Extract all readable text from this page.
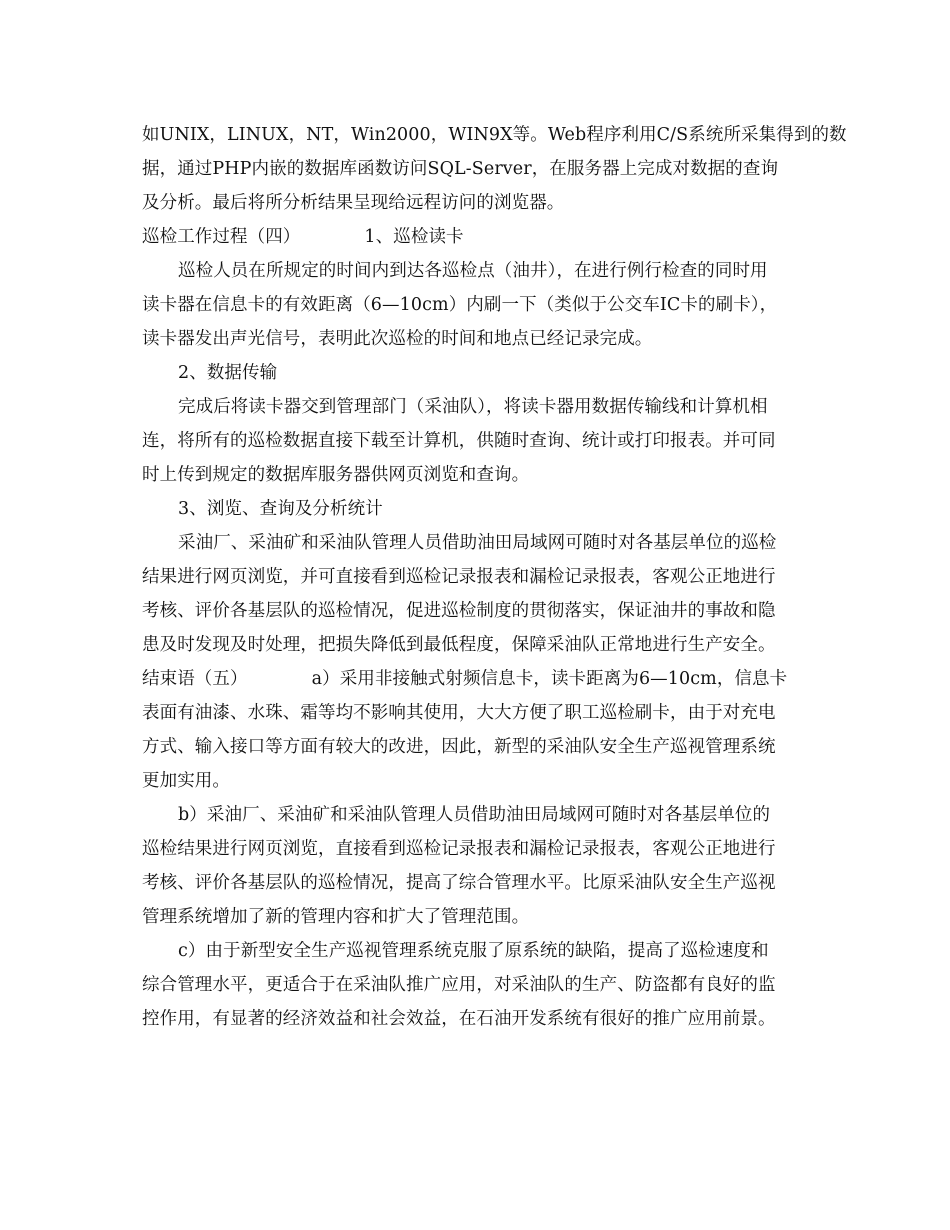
如UNIX，LINUX，NT，Win2000，WIN9X等。Web程序利用C/S系统所采集得到的数
据，通过PHP内嵌的数据库函数访问SQL-Server，在服务器上完成对数据的查询
及分析。最后将所分析结果呈现给远程访问的浏览器。
巡检工作过程（四）	1、巡检读卡
巡检人员在所规定的时间内到达各巡检点（油井），在进行例行检查的同时用
读卡器在信息卡的有效距离（6—10cm）内刷一下（类似于公交车IC卡的刷卡），
读卡器发出声光信号，表明此次巡检的时间和地点已经记录完成。
2、数据传输
完成后将读卡器交到管理部门（采油队），将读卡器用数据传输线和计算机相
连，将所有的巡检数据直接下载至计算机，供随时查询、统计或打印报表。并可同
时上传到规定的数据库服务器供网页浏览和查询。
3、浏览、查询及分析统计
采油厂、采油矿和采油队管理人员借助油田局域网可随时对各基层单位的巡检
结果进行网页浏览，并可直接看到巡检记录报表和漏检记录报表，客观公正地进行
考核、评价各基层队的巡检情况，促进巡检制度的贯彻落实，保证油井的事故和隐
患及时发现及时处理，把损失降低到最低程度，保障采油队正常地进行生产安全。
结束语（五）	a）采用非接触式射频信息卡，读卡距离为6—10cm，信息卡
表面有油漆、水珠、霜等均不影响其使用，大大方便了职工巡检刷卡，由于对充电
方式、输入接口等方面有较大的改进，因此，新型的采油队安全生产巡视管理系统
更加实用。
b）采油厂、采油矿和采油队管理人员借助油田局域网可随时对各基层单位的
巡检结果进行网页浏览，直接看到巡检记录报表和漏检记录报表，客观公正地进行
考核、评价各基层队的巡检情况，提高了综合管理水平。比原采油队安全生产巡视
管理系统增加了新的管理内容和扩大了管理范围。
c）由于新型安全生产巡视管理系统克服了原系统的缺陷，提高了巡检速度和
综合管理水平，更适合于在采油队推广应用，对采油队的生产、防盗都有良好的监
控作用，有显著的经济效益和社会效益，在石油开发系统有很好的推广应用前景。
